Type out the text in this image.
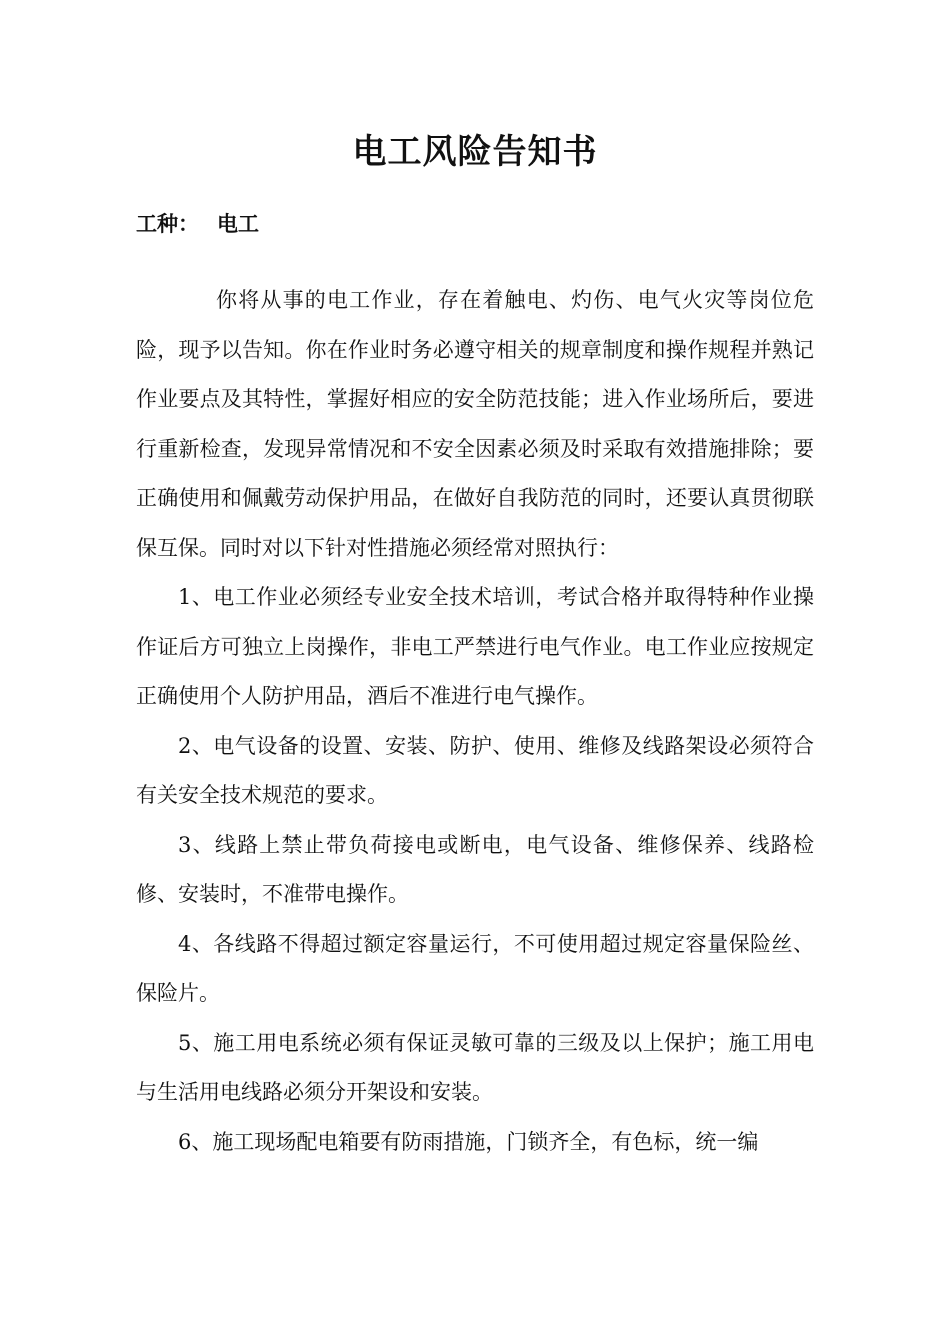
电工风险告知书
工种： 电工

你将从事的电工作业，存在着触电、灼伤、电气火灾等岗位危险，现予以告知。你在作业时务必遵守相关的规章制度和操作规程并熟记作业要点及其特性，掌握好相应的安全防范技能；进入作业场所后，要进行重新检查，发现异常情况和不安全因素必须及时采取有效措施排除；要正确使用和佩戴劳动保护用品，在做好自我防范的同时，还要认真贯彻联保互保。同时对以下针对性措施必须经常对照执行：

1、电工作业必须经专业安全技术培训，考试合格并取得特种作业操作证后方可独立上岗操作，非电工严禁进行电气作业。电工作业应按规定正确使用个人防护用品，酒后不准进行电气操作。

2、电气设备的设置、安装、防护、使用、维修及线路架设必须符合有关安全技术规范的要求。

3、线路上禁止带负荷接电或断电，电气设备、维修保养、线路检修、安装时，不准带电操作。

4、各线路不得超过额定容量运行，不可使用超过规定容量保险丝、保险片。

5、施工用电系统必须有保证灵敏可靠的三级及以上保护；施工用电与生活用电线路必须分开架设和安装。

6、施工现场配电箱要有防雨措施，门锁齐全，有色标，统一编
